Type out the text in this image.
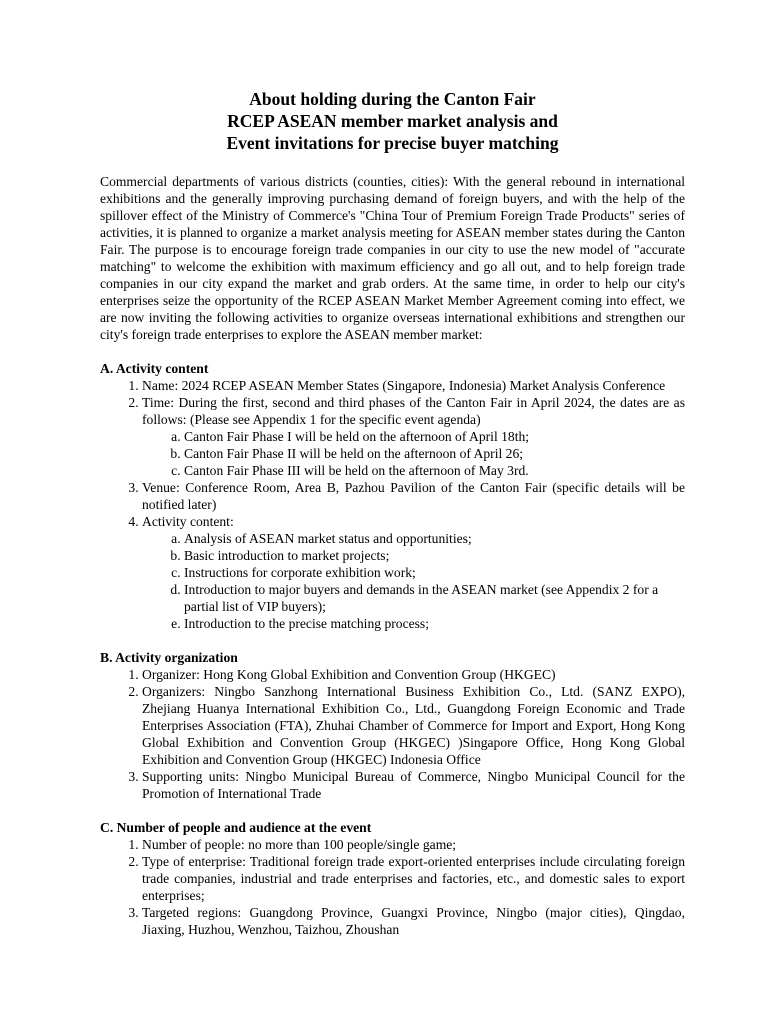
About holding during the Canton Fair
RCEP ASEAN member market analysis and
Event invitations for precise buyer matching

Commercial departments of various districts (counties, cities): With the general rebound in international exhibitions and the generally improving purchasing demand of foreign buyers, and with the help of the spillover effect of the Ministry of Commerce's "China Tour of Premium Foreign Trade Products" series of activities, it is planned to organize a market analysis meeting for ASEAN member states during the Canton Fair. The purpose is to encourage foreign trade companies in our city to use the new model of "accurate matching" to welcome the exhibition with maximum efficiency and go all out, and to help foreign trade companies in our city expand the market and grab orders. At the same time, in order to help our city's enterprises seize the opportunity of the RCEP ASEAN Market Member Agreement coming into effect, we are now inviting the following activities to organize overseas international exhibitions and strengthen our city's foreign trade enterprises to explore the ASEAN member market:

A. Activity content

1. Name: 2024 RCEP ASEAN Member States (Singapore, Indonesia) Market Analysis Conference
2. Time: During the first, second and third phases of the Canton Fair in April 2024, the dates are as follows: (Please see Appendix 1 for the specific event agenda)
a. Canton Fair Phase I will be held on the afternoon of April 18th;
b. Canton Fair Phase II will be held on the afternoon of April 26;
c. Canton Fair Phase III will be held on the afternoon of May 3rd.
3. Venue: Conference Room, Area B, Pazhou Pavilion of the Canton Fair (specific details will be notified later)
4. Activity content:
a. Analysis of ASEAN market status and opportunities;
b. Basic introduction to market projects;
c. Instructions for corporate exhibition work;
d. Introduction to major buyers and demands in the ASEAN market (see Appendix 2 for a partial list of VIP buyers);
e. Introduction to the precise matching process;

B. Activity organization

1. Organizer: Hong Kong Global Exhibition and Convention Group (HKGEC)
2. Organizers: Ningbo Sanzhong International Business Exhibition Co., Ltd. (SANZ EXPO), Zhejiang Huanya International Exhibition Co., Ltd., Guangdong Foreign Economic and Trade Enterprises Association (FTA), Zhuhai Chamber of Commerce for Import and Export, Hong Kong Global Exhibition and Convention Group (HKGEC) )Singapore Office, Hong Kong Global Exhibition and Convention Group (HKGEC) Indonesia Office
3. Supporting units: Ningbo Municipal Bureau of Commerce, Ningbo Municipal Council for the Promotion of International Trade

C. Number of people and audience at the event

1. Number of people: no more than 100 people/single game;
2. Type of enterprise: Traditional foreign trade export-oriented enterprises include circulating foreign trade companies, industrial and trade enterprises and factories, etc., and domestic sales to export enterprises;
3. Targeted regions: Guangdong Province, Guangxi Province, Ningbo (major cities), Qingdao, Jiaxing, Huzhou, Wenzhou, Taizhou, Zhoushan
